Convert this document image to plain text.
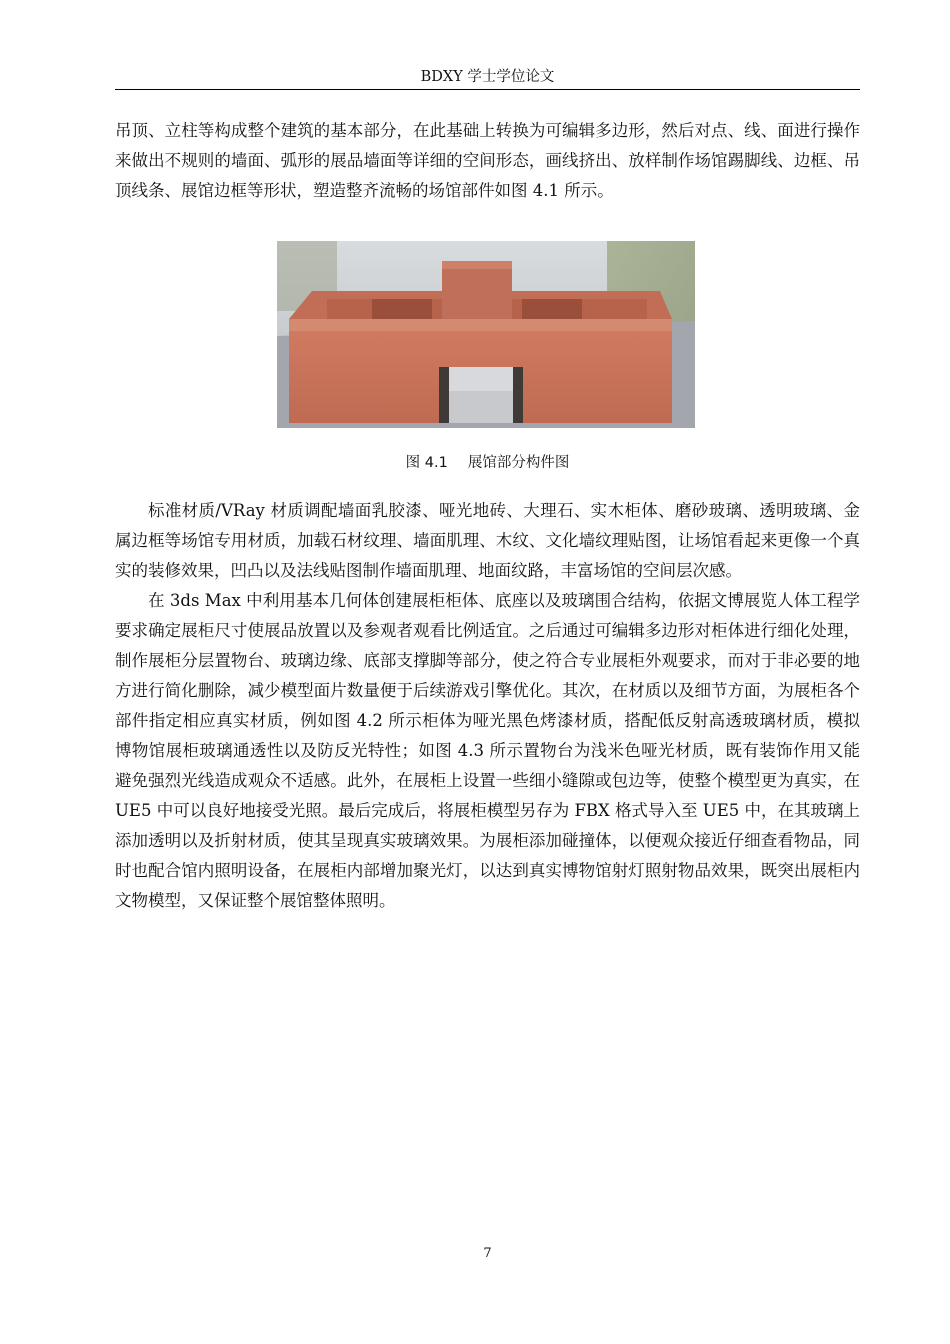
BDXY 学士学位论文

吊顶、立柱等构成整个建筑的基本部分，在此基础上转换为可编辑多边形，然后对点、线、面进行操作来做出不规则的墙面、弧形的展品墙面等详细的空间形态，画线挤出、放样制作场馆踢脚线、边框、吊顶线条、展馆边框等形状，塑造整齐流畅的场馆部件如图 4.1 所示。

图 4.1 展馆部分构件图

标准材质/VRay 材质调配墙面乳胶漆、哑光地砖、大理石、实木柜体、磨砂玻璃、透明玻璃、金属边框等场馆专用材质，加载石材纹理、墙面肌理、木纹、文化墙纹理贴图，让场馆看起来更像一个真实的装修效果，凹凸以及法线贴图制作墙面肌理、地面纹路，丰富场馆的空间层次感。

在 3ds Max 中利用基本几何体创建展柜柜体、底座以及玻璃围合结构，依据文博展览人体工程学要求确定展柜尺寸使展品放置以及参观者观看比例适宜。之后通过可编辑多边形对柜体进行细化处理，制作展柜分层置物台、玻璃边缘、底部支撑脚等部分，使之符合专业展柜外观要求，而对于非必要的地方进行简化删除，减少模型面片数量便于后续游戏引擎优化。其次，在材质以及细节方面，为展柜各个部件指定相应真实材质，例如图 4.2 所示柜体为哑光黑色烤漆材质，搭配低反射高透玻璃材质，模拟博物馆展柜玻璃通透性以及防反光特性；如图 4.3 所示置物台为浅米色哑光材质，既有装饰作用又能避免强烈光线造成观众不适感。此外，在展柜上设置一些细小缝隙或包边等，使整个模型更为真实，在 UE5 中可以良好地接受光照。最后完成后，将展柜模型另存为 FBX 格式导入至 UE5 中，在其玻璃上添加透明以及折射材质，使其呈现真实玻璃效果。为展柜添加碰撞体，以便观众接近仔细查看物品，同时也配合馆内照明设备，在展柜内部增加聚光灯，以达到真实博物馆射灯照射物品效果，既突出展柜内文物模型，又保证整个展馆整体照明。

7
